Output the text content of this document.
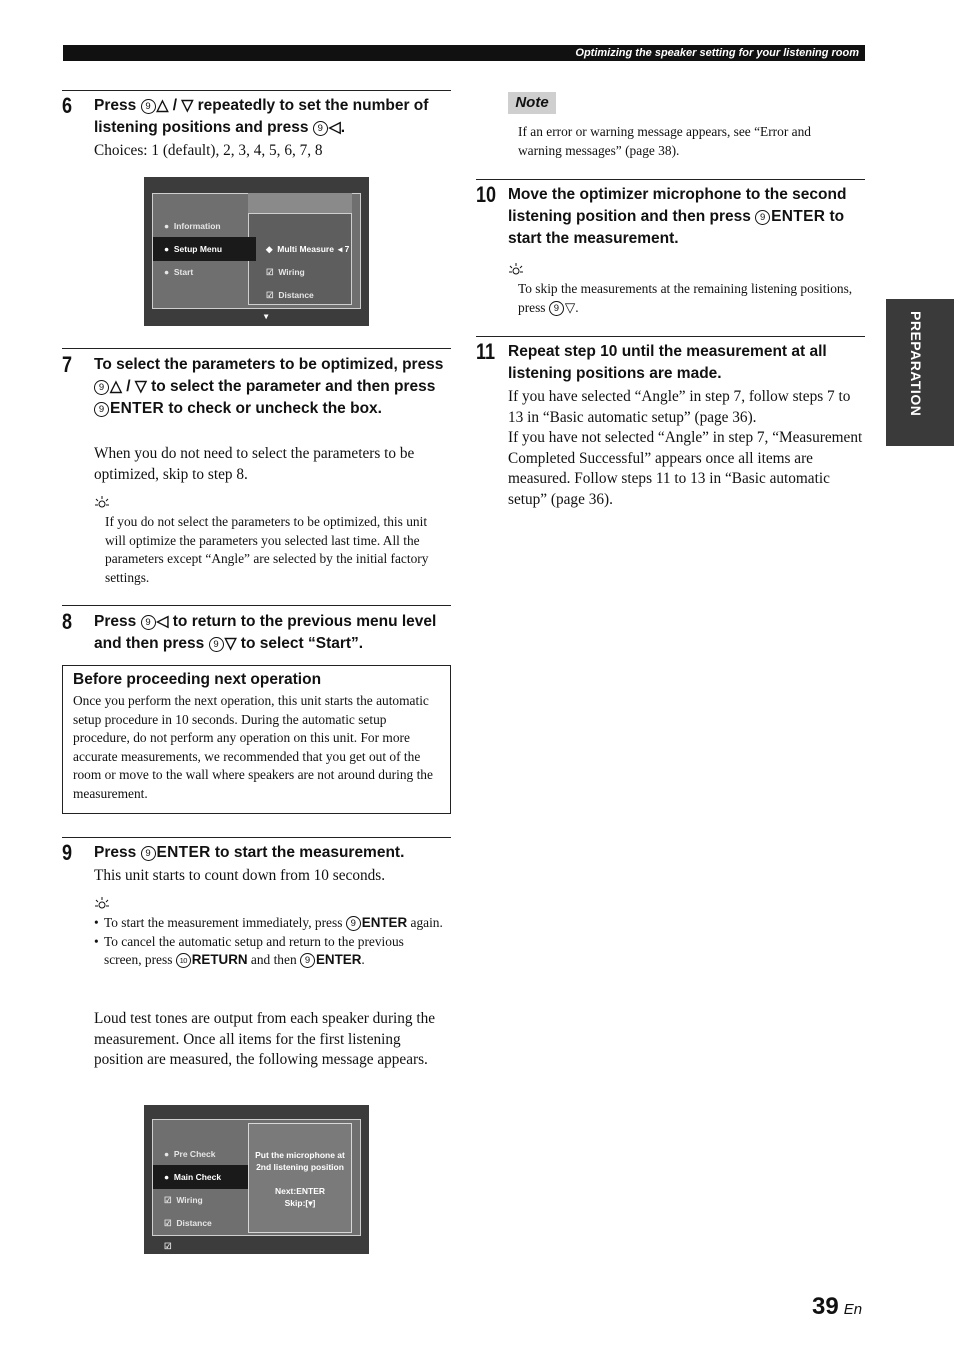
Optimizing the speaker setting for your listening room
PREPARATION
6 Press 9 △ / ▽ repeatedly to set the number of listening positions and press 9 ◁.
Choices: 1 (default), 2, 3, 4, 5, 6, 7, 8
●  Information
●  Setup Menu
●  Start
◆  Multi Measure ◂ 7
☑  Wiring
☑  Distance
▾
7 To select the parameters to be optimized, press 9 △ / ▽ to select the parameter and then press 9 ENTER to check or uncheck the box.
When you do not need to select the parameters to be optimized, skip to step 8.
If you do not select the parameters to be optimized, this unit will optimize the parameters you selected last time. All the parameters except “Angle” are selected by the initial factory settings.
8 Press 9 ◁ to return to the previous menu level and then press 9 ▽ to select “Start”.
Before proceeding next operation
Once you perform the next operation, this unit starts the automatic setup procedure in 10 seconds. During the automatic setup procedure, do not perform any operation on this unit. For more accurate measurements, we recommended that you get out of the room or move to the wall where speakers are not around during the measurement.
9 Press 9 ENTER to start the measurement.
This unit starts to count down from 10 seconds.
• To start the measurement immediately, press 9 ENTER again.
• To cancel the automatic setup and return to the previous screen, press 10 RETURN and then 9 ENTER.
Loud test tones are output from each speaker during the measurement. Once all items for the first listening position are measured, the following message appears.
●  Pre Check
●  Main Check
☑  Wiring
☑  Distance
☑
Put the microphone at
2nd listening position
Next:ENTER
Skip:[▾]
Note
If an error or warning message appears, see “Error and warning messages” (page 38).
10 Move the optimizer microphone to the second listening position and then press 9 ENTER to start the measurement.
To skip the measurements at the remaining listening positions, press 9 ▽.
11 Repeat step 10 until the measurement at all listening positions are made.
If you have selected “Angle” in step 7, follow steps 7 to 13 in “Basic automatic setup” (page 36).
If you have not selected “Angle” in step 7, “Measurement Completed Successful” appears once all items are measured. Follow steps 11 to 13 in “Basic automatic setup” (page 36).
39 En
